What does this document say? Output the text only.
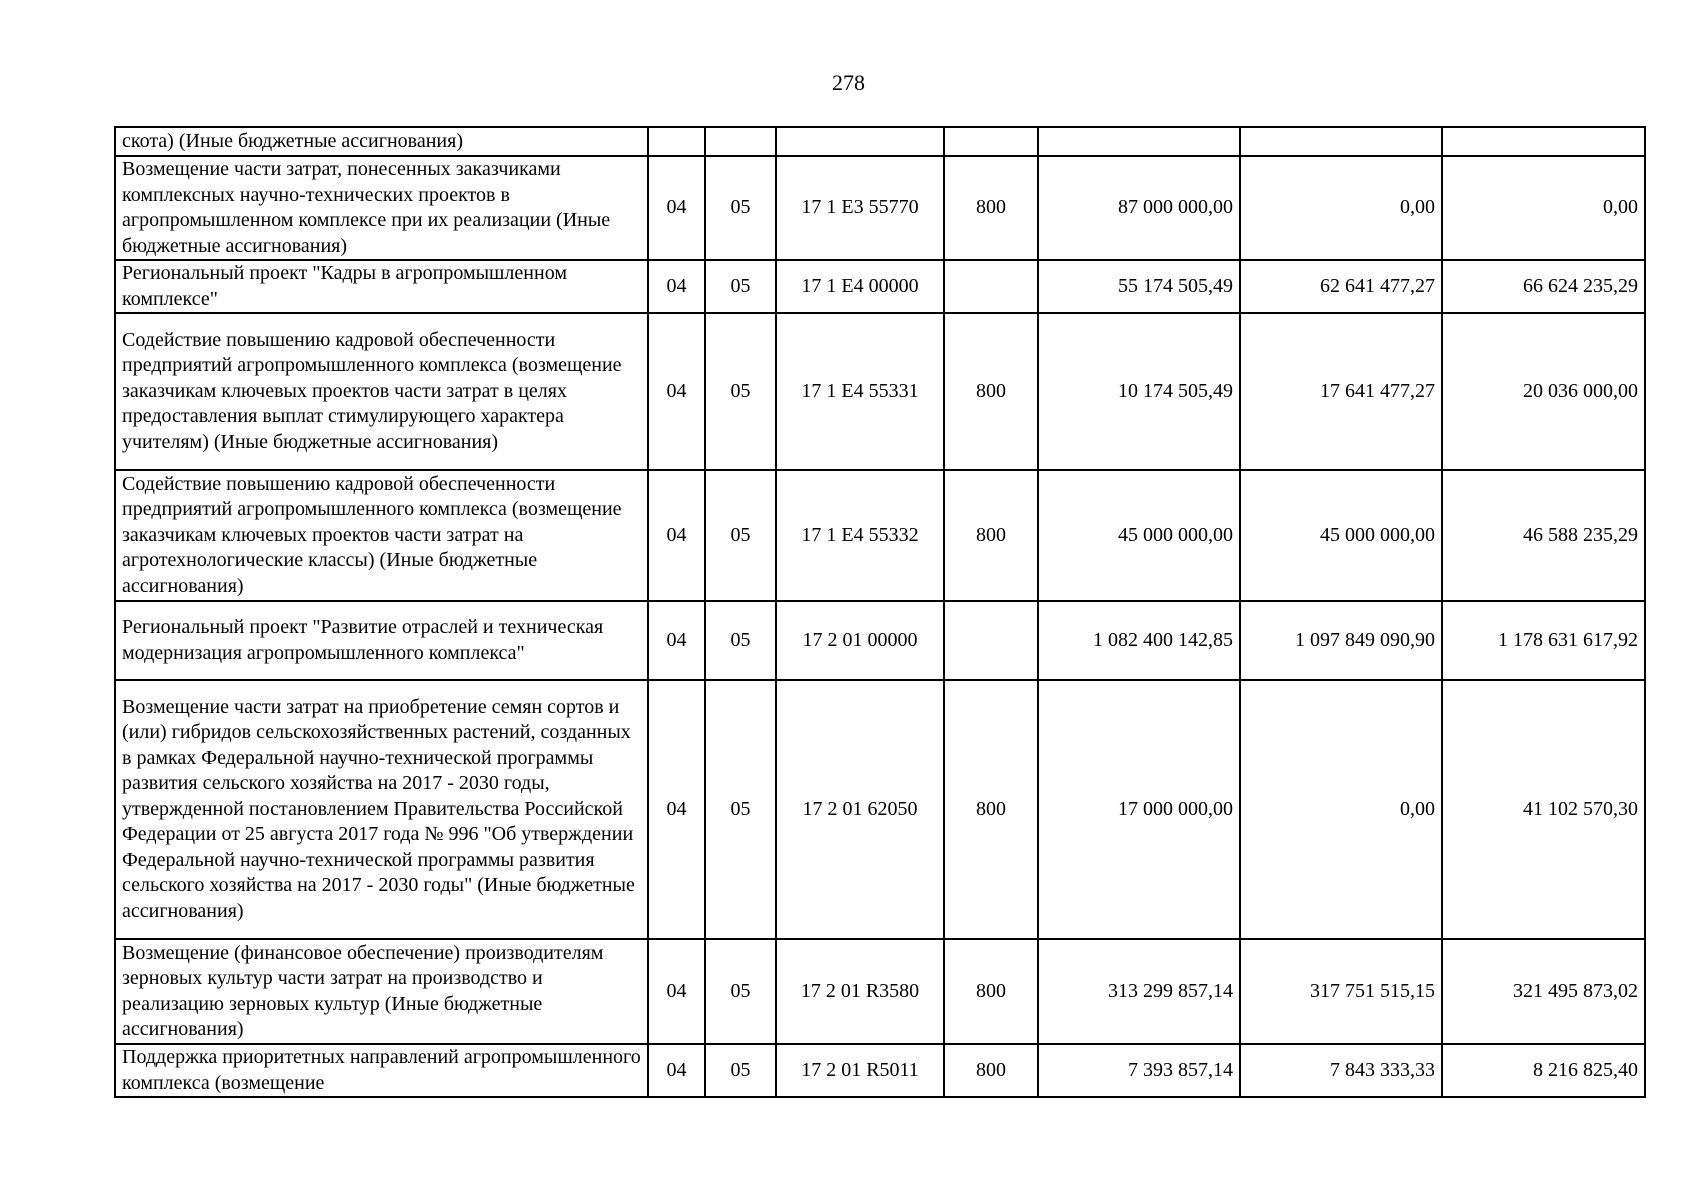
278
скота) (Иные бюджетные ассигнования)							
Возмещение части затрат, понесенных заказчиками комплексных научно-технических проектов в агропромышленном комплексе при их реализации (Иные бюджетные ассигнования)	04	05	17 1 E3 55770	800	87 000 000,00	0,00	0,00
Региональный проект "Кадры в агропромышленном комплексе"	04	05	17 1 E4 00000		55 174 505,49	62 641 477,27	66 624 235,29
Содействие повышению кадровой обеспеченности предприятий агропромышленного комплекса (возмещение заказчикам ключевых проектов части затрат в целях предоставления выплат стимулирующего характера учителям) (Иные бюджетные ассигнования)	04	05	17 1 E4 55331	800	10 174 505,49	17 641 477,27	20 036 000,00
Содействие повышению кадровой обеспеченности предприятий агропромышленного комплекса (возмещение заказчикам ключевых проектов части затрат на агротехнологические классы) (Иные бюджетные ассигнования)	04	05	17 1 E4 55332	800	45 000 000,00	45 000 000,00	46 588 235,29
Региональный проект "Развитие отраслей и техническая модернизация агропромышленного комплекса"	04	05	17 2 01 00000		1 082 400 142,85	1 097 849 090,90	1 178 631 617,92
Возмещение части затрат на приобретение семян сортов и (или) гибридов сельскохозяйственных растений, созданных в рамках Федеральной научно-технической программы развития сельского хозяйства на 2017 - 2030 годы, утвержденной постановлением Правительства Российской Федерации от 25 августа 2017 года № 996 "Об утверждении Федеральной научно-технической программы развития сельского хозяйства на 2017 - 2030 годы" (Иные бюджетные ассигнования)	04	05	17 2 01 62050	800	17 000 000,00	0,00	41 102 570,30
Возмещение (финансовое обеспечение) производителям зерновых культур части затрат на производство и реализацию зерновых культур (Иные бюджетные ассигнования)	04	05	17 2 01 R3580	800	313 299 857,14	317 751 515,15	321 495 873,02
Поддержка приоритетных направлений агропромышленного комплекса (возмещение	04	05	17 2 01 R5011	800	7 393 857,14	7 843 333,33	8 216 825,40
